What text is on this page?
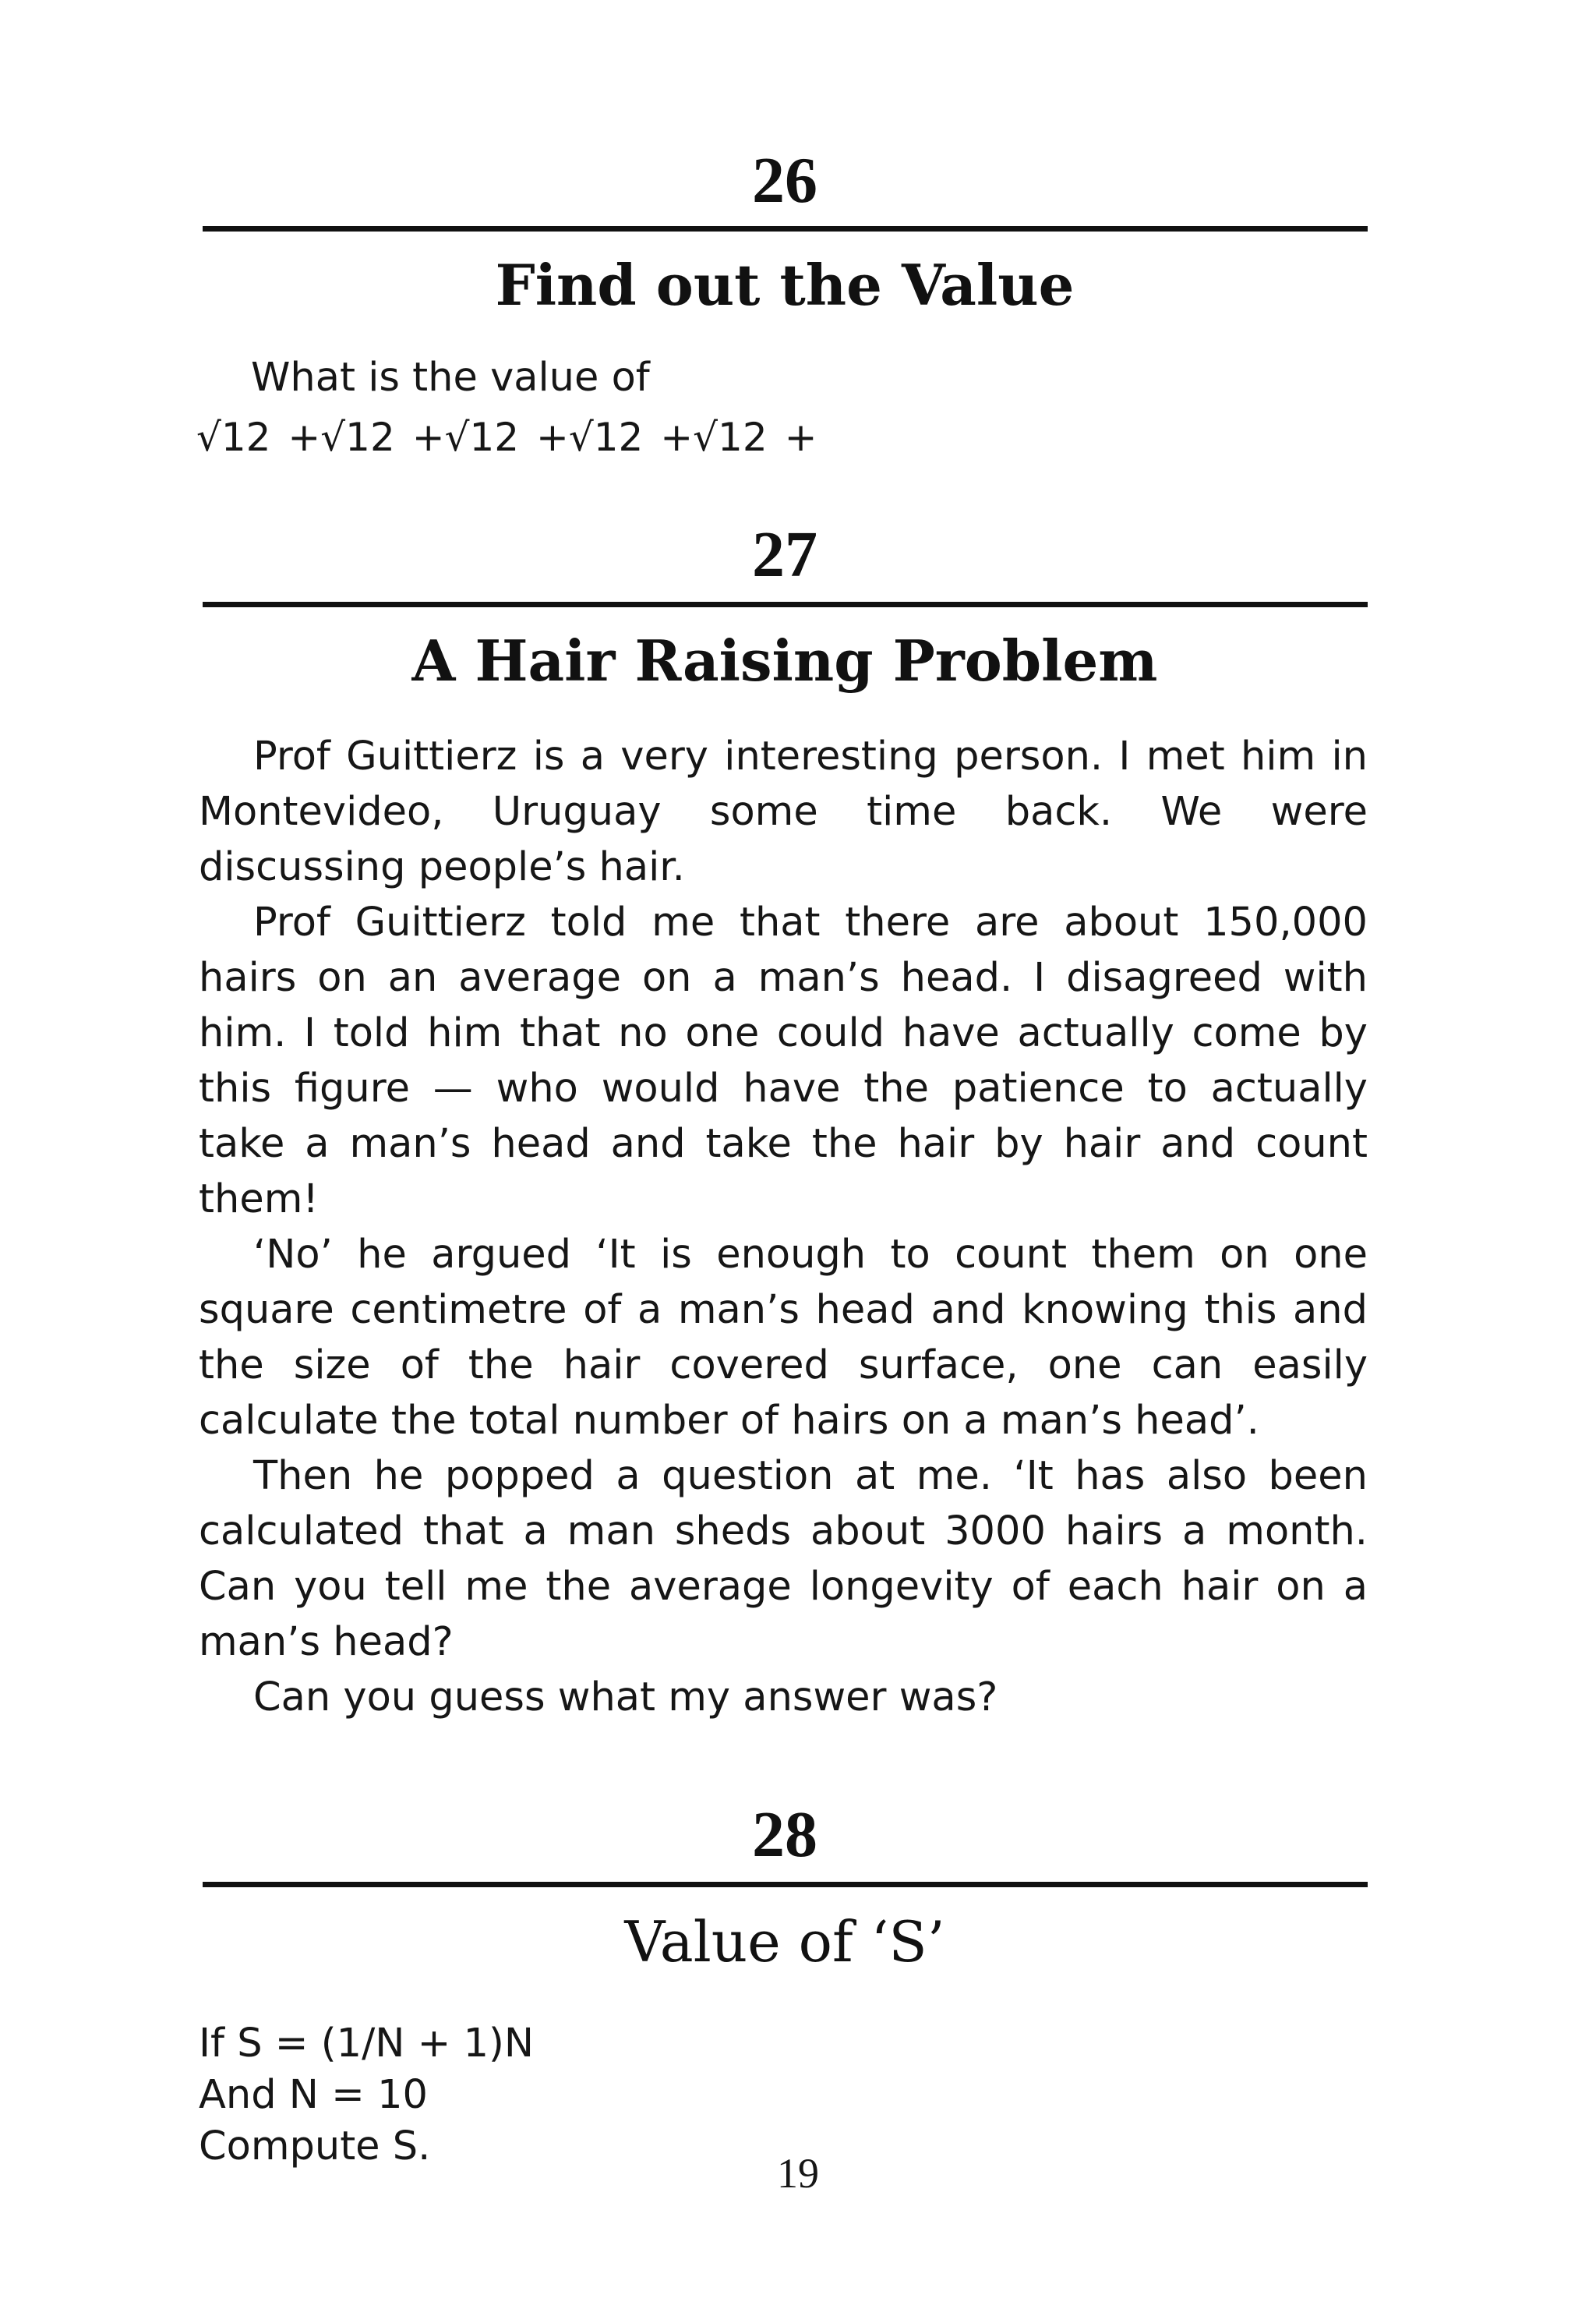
26
Find out the Value
What is the value of
√12 +√12 +√12 +√12 +√12 +
27
A Hair Raising Problem
Prof Guittierz is a very interesting person. I met him in Montevideo, Uruguay some time back. We were discussing people’s hair.
Prof Guittierz told me that there are about 150,000 hairs on an average on a man’s head. I disagreed with him. I told him that no one could have actually come by this figure — who would have the patience to actually take a man’s head and take the hair by hair and count them!
‘No’ he argued ‘It is enough to count them on one square centimetre of a man’s head and knowing this and the size of the hair covered surface, one can easily calculate the total number of hairs on a man’s head’.
Then he popped a question at me. ‘It has also been calculated that a man sheds about 3000 hairs a month. Can you tell me the average longevity of each hair on a man’s head?
Can you guess what my answer was?
28
Value of ‘S’
If S = (1/N + 1)N
And N = 10
Compute S.
19
